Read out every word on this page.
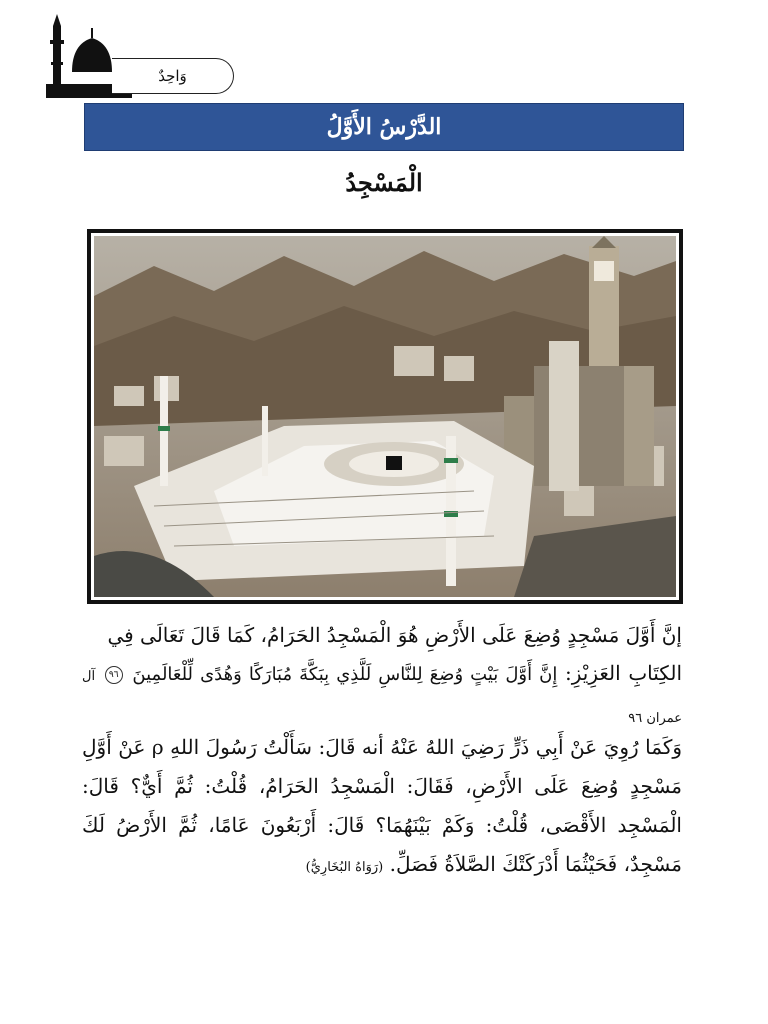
وَاحِدٌ
الدَّرْسُ الأَوَّلُ
الْمَسْجِدُ
إنَّ أَوَّلَ مَسْجِدٍ وُضِعَ عَلَى الأَرْضِ هُوَ الْمَسْجِدُ الحَرَامُ، كَمَا قَالَ تَعَالَى فِي
الكِتَابِ العَزِيْزِ: إِنَّ أَوَّلَ بَيْتٍ وُضِعَ لِلنَّاسِ لَلَّذِي بِبَكَّةَ مُبَارَكًا وَهُدًى لِّلْعَالَمِينَ ٩٦ آل عمران ٩٦
وَكَمَا رُوِيَ عَنْ أَبِي ذَرٍّ رَضِيَ اللهُ عَنْهُ أنه قَالَ: سَأَلْتُ رَسُولَ اللهِ ρ عَنْ أَوَّلِ مَسْجِدٍ وُضِعَ عَلَى الأَرْضِ، فَقَالَ: الْمَسْجِدُ الحَرَامُ، قُلْتُ: ثُمَّ أَيٌّ؟ قَالَ: الْمَسْجِد الأَقْصَى، قُلْتُ: وَكَمْ بَيْنَهُمَا؟ قَالَ: أَرْبَعُونَ عَامًا، ثُمَّ الأَرْضُ لَكَ مَسْجِدٌ، فَحَيْثُمَا أَدْرَكَتْكَ الصَّلاَةُ فَصَلِّ. (رَوَاهُ البُخَارِيُّ)
